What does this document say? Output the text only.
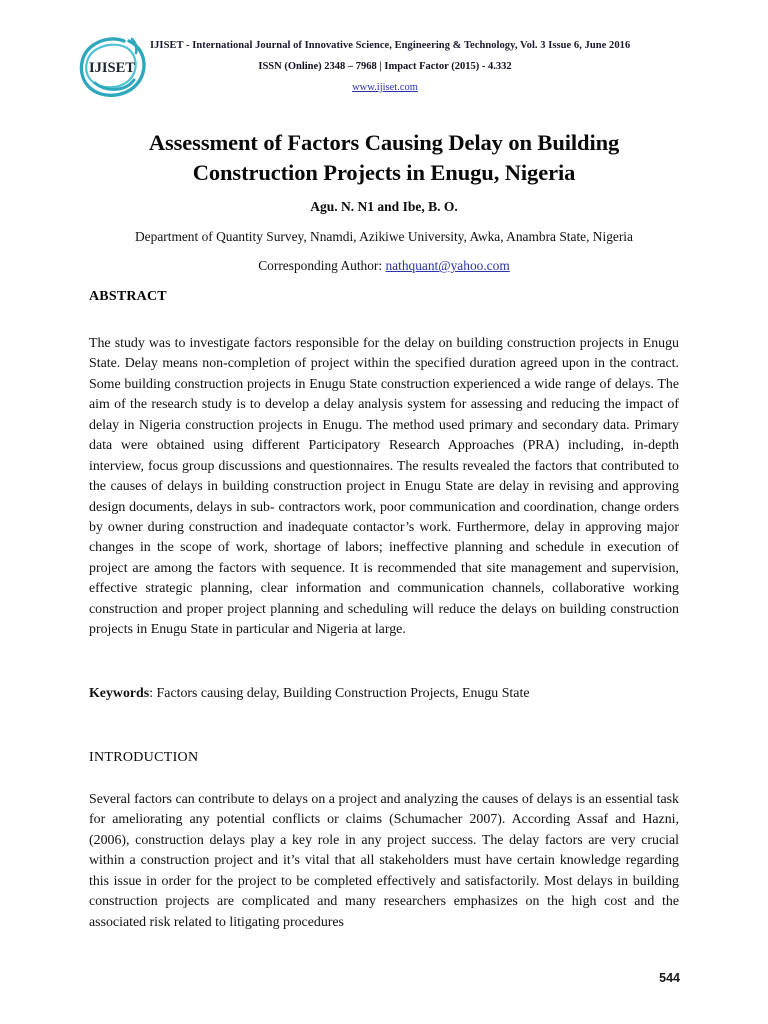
IJISET
IJISET - International Journal of Innovative Science, Engineering & Technology, Vol. 3 Issue 6, June 2016
ISSN (Online) 2348 – 7968 | Impact Factor (2015) - 4.332
www.ijiset.com
Assessment of Factors Causing Delay on Building Construction Projects in Enugu, Nigeria
Agu. N. N1 and Ibe, B. O.
Department of Quantity Survey, Nnamdi, Azikiwe University, Awka, Anambra State, Nigeria
Corresponding Author: nathquant@yahoo.com
ABSTRACT

The study was to investigate factors responsible for the delay on building construction projects in Enugu State. Delay means non-completion of project within the specified duration agreed upon in the contract. Some building construction projects in Enugu State construction experienced a wide range of delays. The aim of the research study is to develop a delay analysis system for assessing and reducing the impact of delay in Nigeria construction projects in Enugu. The method used primary and secondary data. Primary data were obtained using different Participatory Research Approaches (PRA) including, in-depth interview, focus group discussions and questionnaires. The results revealed the factors that contributed to the causes of delays in building construction project in Enugu State are delay in revising and approving design documents, delays in sub- contractors work, poor communication and coordination, change orders by owner during construction and inadequate contactor’s work. Furthermore, delay in approving major changes in the scope of work, shortage of labors; ineffective planning and schedule in execution of project are among the factors with sequence. It is recommended that site management and supervision, effective strategic planning, clear information and communication channels, collaborative working construction and proper project planning and scheduling will reduce the delays on building construction projects in Enugu State in particular and Nigeria at large.

Keywords: Factors causing delay, Building Construction Projects, Enugu State
INTRODUCTION

Several factors can contribute to delays on a project and analyzing the causes of delays is an essential task for ameliorating any potential conflicts or claims (Schumacher 2007). According Assaf and Hazni, (2006), construction delays play a key role in any project success. The delay factors are very crucial within a construction project and it’s vital that all stakeholders must have certain knowledge regarding this issue in order for the project to be completed effectively and satisfactorily. Most delays in building construction projects are complicated and many researchers emphasizes on the high cost and the associated risk related to litigating procedures

544
